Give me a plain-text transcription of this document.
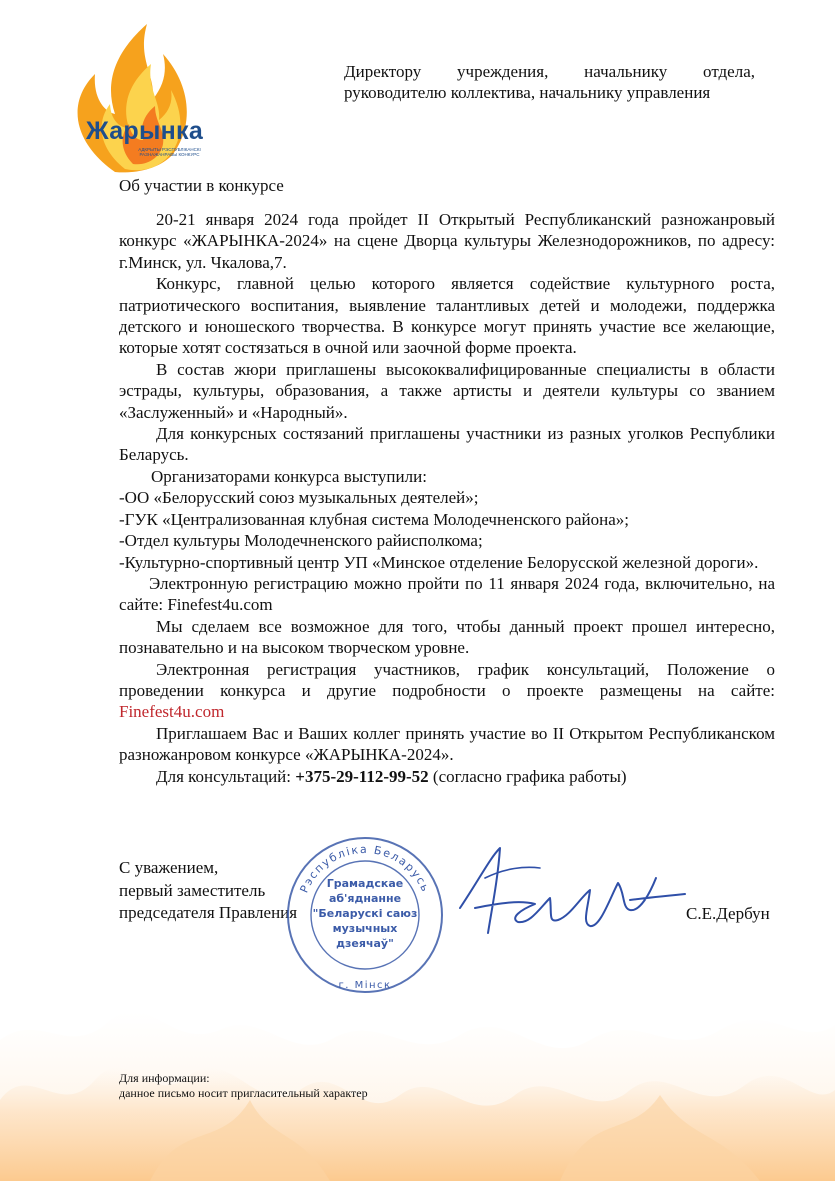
Жарынка
АДКРЫТЫ РЭСПУБЛІКАНСКІ РАЗНАЖАНРАВЫ КОНКУРС
Директору учреждения, начальнику отдела,
руководителю коллектива, начальнику управления
Об участии в конкурсе

20-21 января 2024 года пройдет II Открытый Республиканский разножанровый конкурс «ЖАРЫНКА-2024» на сцене Дворца культуры Железнодорожников, по адресу: г.Минск, ул. Чкалова,7.

Конкурс, главной целью которого является содействие культурного роста, патриотического воспитания, выявление талантливых детей и молодежи, поддержка детского и юношеского творчества. В конкурсе могут принять участие все желающие, которые хотят состязаться в очной или заочной форме проекта.

В состав жюри приглашены высококвалифицированные специалисты в области эстрады, культуры, образования, а также артисты и деятели культуры со званием «Заслуженный» и «Народный».

Для конкурсных состязаний приглашены участники из разных уголков Республики Беларусь.

Организаторами конкурса выступили:

-ОО «Белорусский союз музыкальных деятелей»;

-ГУК «Централизованная клубная система Молодечненского района»;

-Отдел культуры Молодечненского райисполкома;

-Культурно-спортивный центр УП «Минское отделение Белорусской железной дороги».

Электронную регистрацию можно пройти по 11 января 2024 года, включительно, на сайте: Finefest4u.com

Мы сделаем все возможное для того, чтобы данный проект прошел интересно, познавательно и на высоком творческом уровне.

Электронная регистрация участников, график консультаций, Положение о проведении конкурса и другие подробности о проекте размещены на сайте: Finefest4u.com

Приглашаем Вас и Ваших коллег принять участие во II Открытом Республиканском разножанровом конкурсе «ЖАРЫНКА-2024».

Для консультаций: +375-29-112-99-52 (согласно графика работы)

С уважением,
первый заместитель
председателя Правления	С.Е.Дербун
Рэспубліка Беларусь
г. Мінск
Грамадскае
аб'яднанне
"Беларускі саюз
музычных
дзеячаў"
Для информации:
данное письмо носит пригласительный характер
